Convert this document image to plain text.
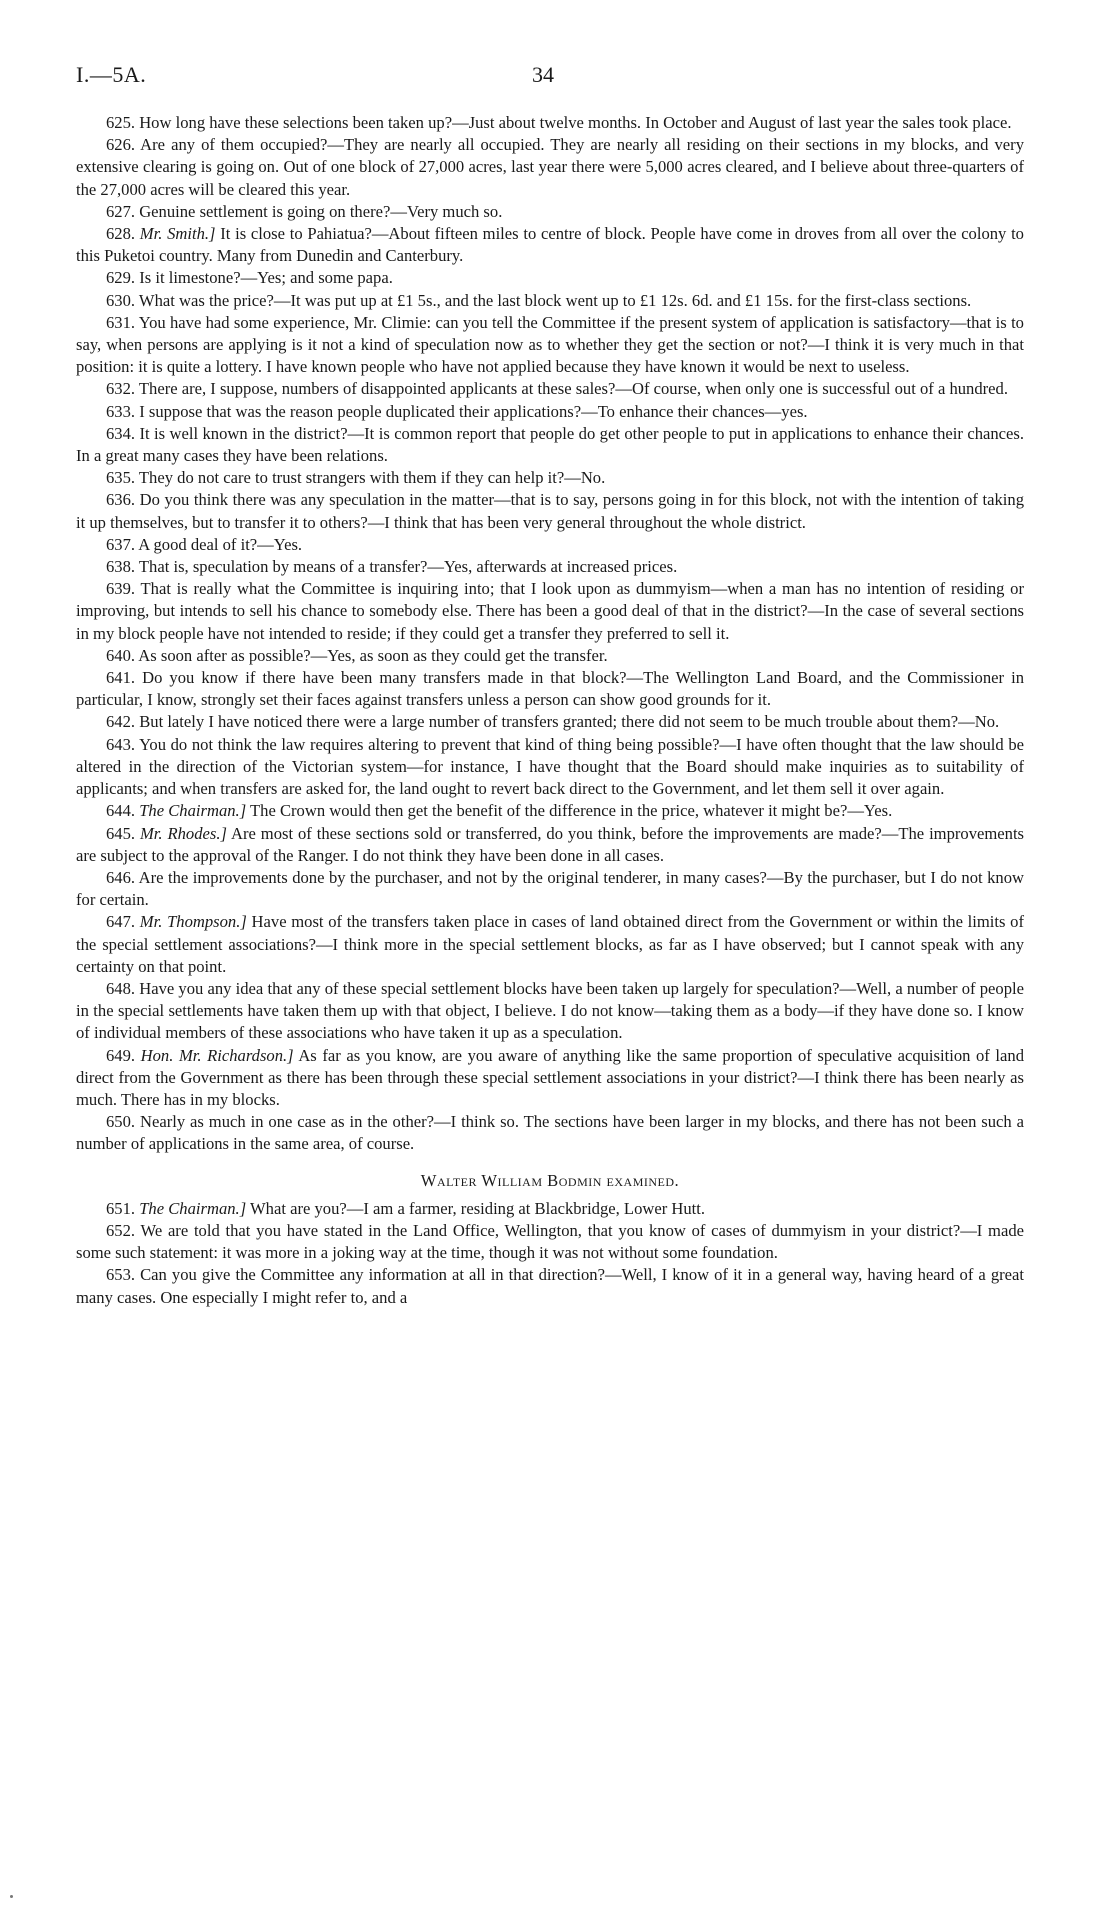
I.—5A.	34

625. How long have these selections been taken up?—Just about twelve months. In October and August of last year the sales took place.

626. Are any of them occupied?—They are nearly all occupied. They are nearly all residing on their sections in my blocks, and very extensive clearing is going on. Out of one block of 27,000 acres, last year there were 5,000 acres cleared, and I believe about three-quarters of the 27,000 acres will be cleared this year.

627. Genuine settlement is going on there?—Very much so.

628. Mr. Smith.] It is close to Pahiatua?—About fifteen miles to centre of block. People have come in droves from all over the colony to this Puketoi country. Many from Dunedin and Canterbury.

629. Is it limestone?—Yes; and some papa.

630. What was the price?—It was put up at £1 5s., and the last block went up to £1 12s. 6d. and £1 15s. for the first-class sections.

631. You have had some experience, Mr. Climie: can you tell the Committee if the present system of application is satisfactory—that is to say, when persons are applying is it not a kind of speculation now as to whether they get the section or not?—I think it is very much in that position: it is quite a lottery. I have known people who have not applied because they have known it would be next to useless.

632. There are, I suppose, numbers of disappointed applicants at these sales?—Of course, when only one is successful out of a hundred.

633. I suppose that was the reason people duplicated their applications?—To enhance their chances—yes.

634. It is well known in the district?—It is common report that people do get other people to put in applications to enhance their chances. In a great many cases they have been relations.

635. They do not care to trust strangers with them if they can help it?—No.

636. Do you think there was any speculation in the matter—that is to say, persons going in for this block, not with the intention of taking it up themselves, but to transfer it to others?—I think that has been very general throughout the whole district.

637. A good deal of it?—Yes.

638. That is, speculation by means of a transfer?—Yes, afterwards at increased prices.

639. That is really what the Committee is inquiring into; that I look upon as dummyism—when a man has no intention of residing or improving, but intends to sell his chance to somebody else. There has been a good deal of that in the district?—In the case of several sections in my block people have not intended to reside; if they could get a transfer they preferred to sell it.

640. As soon after as possible?—Yes, as soon as they could get the transfer.

641. Do you know if there have been many transfers made in that block?—The Wellington Land Board, and the Commissioner in particular, I know, strongly set their faces against transfers unless a person can show good grounds for it.

642. But lately I have noticed there were a large number of transfers granted; there did not seem to be much trouble about them?—No.

643. You do not think the law requires altering to prevent that kind of thing being possible?—I have often thought that the law should be altered in the direction of the Victorian system—for instance, I have thought that the Board should make inquiries as to suitability of applicants; and when transfers are asked for, the land ought to revert back direct to the Government, and let them sell it over again.

644. The Chairman.] The Crown would then get the benefit of the difference in the price, whatever it might be?—Yes.

645. Mr. Rhodes.] Are most of these sections sold or transferred, do you think, before the improvements are made?—The improvements are subject to the approval of the Ranger. I do not think they have been done in all cases.

646. Are the improvements done by the purchaser, and not by the original tenderer, in many cases?—By the purchaser, but I do not know for certain.

647. Mr. Thompson.] Have most of the transfers taken place in cases of land obtained direct from the Government or within the limits of the special settlement associations?—I think more in the special settlement blocks, as far as I have observed; but I cannot speak with any certainty on that point.

648. Have you any idea that any of these special settlement blocks have been taken up largely for speculation?—Well, a number of people in the special settlements have taken them up with that object, I believe. I do not know—taking them as a body—if they have done so. I know of individual members of these associations who have taken it up as a speculation.

649. Hon. Mr. Richardson.] As far as you know, are you aware of anything like the same proportion of speculative acquisition of land direct from the Government as there has been through these special settlement associations in your district?—I think there has been nearly as much. There has in my blocks.

650. Nearly as much in one case as in the other?—I think so. The sections have been larger in my blocks, and there has not been such a number of applications in the same area, of course.

Walter William Bodmin examined.

651. The Chairman.] What are you?—I am a farmer, residing at Blackbridge, Lower Hutt.

652. We are told that you have stated in the Land Office, Wellington, that you know of cases of dummyism in your district?—I made some such statement: it was more in a joking way at the time, though it was not without some foundation.

653. Can you give the Committee any information at all in that direction?—Well, I know of it in a general way, having heard of a great many cases. One especially I might refer to, and a
